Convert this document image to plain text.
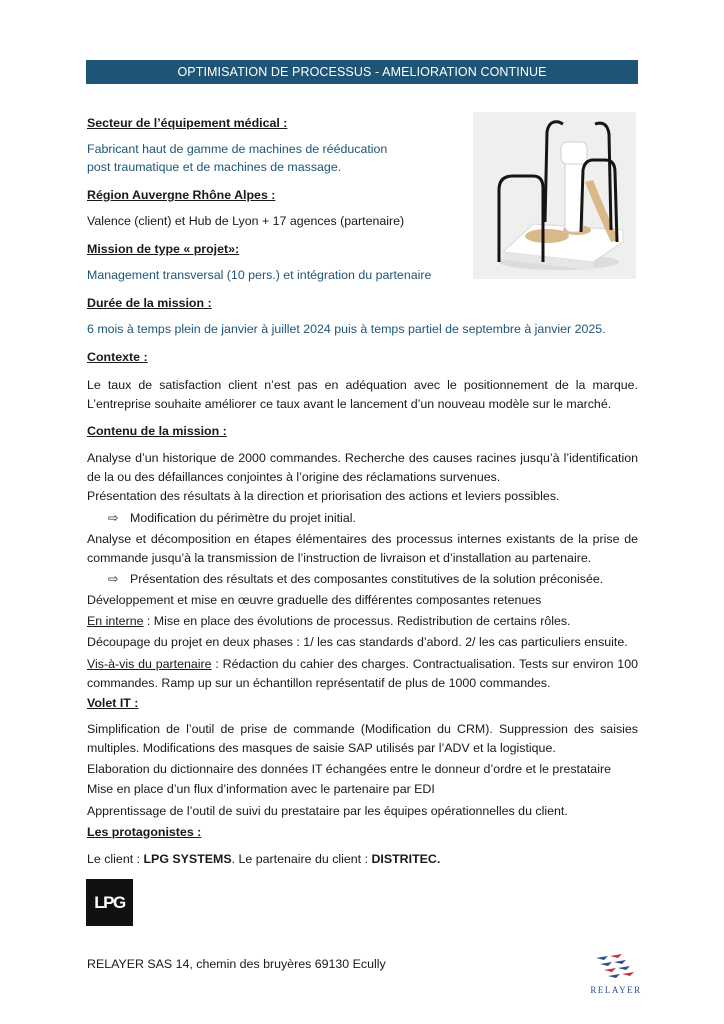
OPTIMISATION DE PROCESSUS - AMELIORATION CONTINUE
Secteur de l’équipement médical :
Fabricant haut de gamme de machines de rééducation
post traumatique et de machines de massage.
Région Auvergne Rhône Alpes :
Valence (client) et Hub de Lyon + 17 agences (partenaire)
Mission de type « projet»:
Management transversal (10 pers.) et intégration du partenaire
Durée de la mission :
6 mois à temps plein de janvier à juillet 2024 puis à temps partiel de septembre à janvier 2025.
Contexte :
Le taux de satisfaction client n’est pas en adéquation avec le positionnement de la marque. L’entreprise souhaite améliorer ce taux avant le lancement d’un nouveau modèle sur le marché.
Contenu de la mission :
Analyse d’un historique de 2000 commandes. Recherche des causes racines jusqu’à l’identification de la ou des défaillances conjointes à l’origine des réclamations survenues.
Présentation des résultats à la direction et priorisation des actions et leviers possibles.
⇨ Modification du périmètre du projet initial.
Analyse et décomposition en étapes élémentaires des processus internes existants de la prise de commande jusqu’à la transmission de l’instruction de livraison et d’installation au partenaire.
⇨ Présentation des résultats et des composantes constitutives de la solution préconisée.
Développement et mise en œuvre graduelle des différentes composantes retenues
En interne : Mise en place des évolutions de processus. Redistribution de certains rôles.
Découpage du projet en deux phases : 1/ les cas standards d’abord. 2/ les cas particuliers ensuite.
Vis-à-vis du partenaire : Rédaction du cahier des charges. Contractualisation. Tests sur environ 100 commandes. Ramp up sur un échantillon représentatif de plus de 1000 commandes.
Volet IT :
Simplification de l’outil de prise de commande (Modification du CRM). Suppression des saisies multiples. Modifications des masques de saisie SAP utilisés par l’ADV et la logistique.
Elaboration du dictionnaire des données IT échangées entre le donneur d’ordre et le prestataire
Mise en place d’un flux d’information avec le partenaire par EDI
Apprentissage de l’outil de suivi du prestataire par les équipes opérationnelles du client.
Les protagonistes :
Le client : LPG SYSTEMS. Le partenaire du client : DISTRITEC.
LPG
RELAYER SAS 14, chemin des bruyères 69130 Ecully
RELAYER
